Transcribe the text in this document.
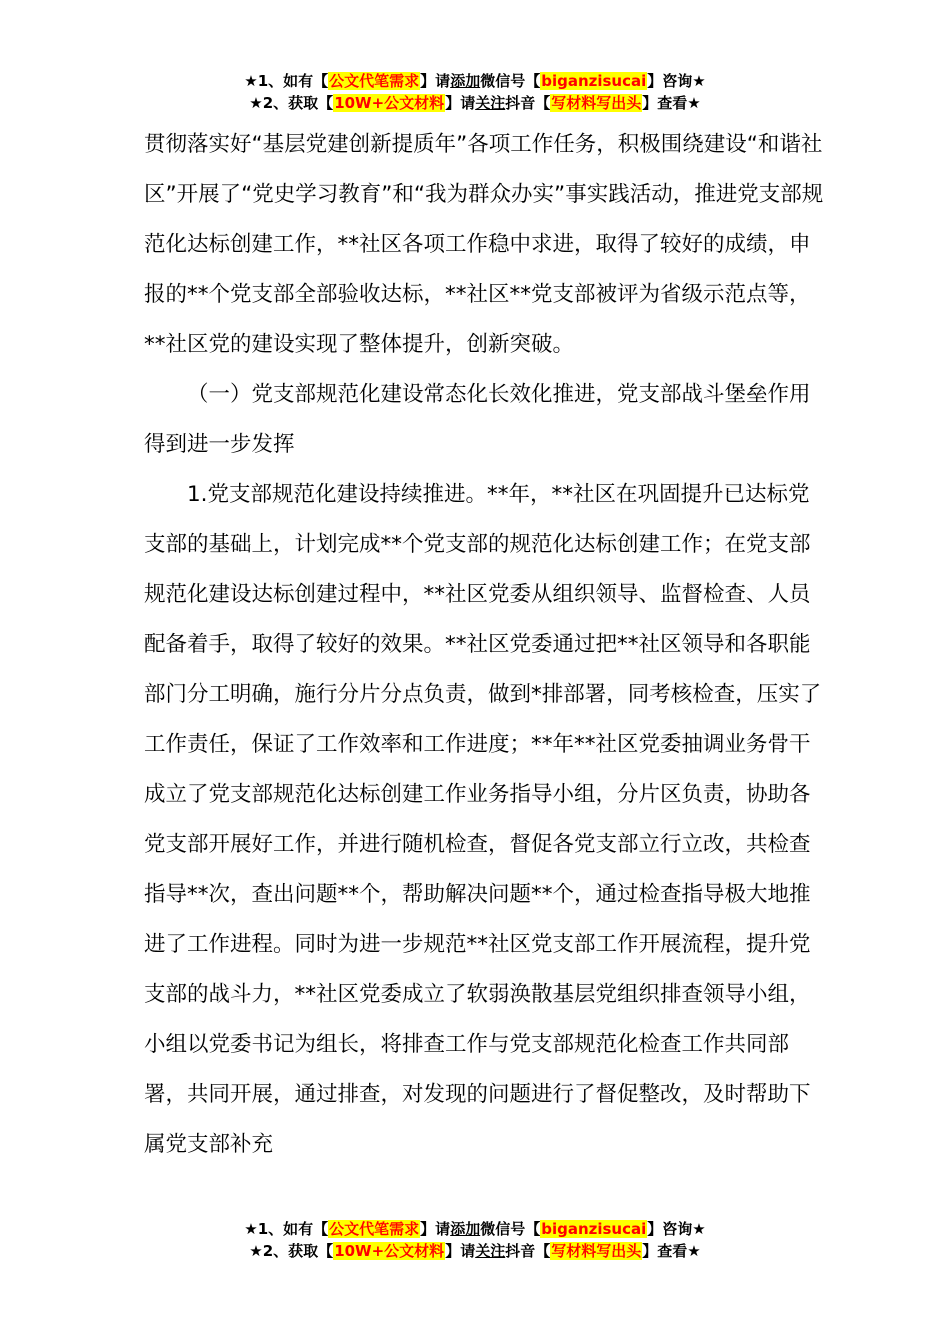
★1、如有【公文代笔需求】请添加微信号【biganzisucai】咨询★
★2、获取【10W+公文材料】请关注抖音【写材料写出头】查看★

贯彻落实好“基层党建创新提质年”各项工作任务，积极围绕建设“和谐社区”开展了“党史学习教育”和“我为群众办实”事实践活动，推进党支部规范化达标创建工作，**社区各项工作稳中求进，取得了较好的成绩，申报的**个党支部全部验收达标，**社区**党支部被评为省级示范点等，**社区党的建设实现了整体提升，创新突破。

（一）党支部规范化建设常态化长效化推进，党支部战斗堡垒作用得到进一步发挥

1.党支部规范化建设持续推进。**年，**社区在巩固提升已达标党支部的基础上，计划完成**个党支部的规范化达标创建工作；在党支部规范化建设达标创建过程中，**社区党委从组织领导、监督检查、人员配备着手，取得了较好的效果。**社区党委通过把**社区领导和各职能部门分工明确，施行分片分点负责，做到*排部署，同考核检查，压实了工作责任，保证了工作效率和工作进度；**年**社区党委抽调业务骨干成立了党支部规范化达标创建工作业务指导小组，分片区负责，协助各党支部开展好工作，并进行随机检查，督促各党支部立行立改，共检查指导**次，查出问题**个，帮助解决问题**个，通过检查指导极大地推进了工作进程。同时为进一步规范**社区党支部工作开展流程，提升党支部的战斗力，**社区党委成立了软弱涣散基层党组织排查领导小组，小组以党委书记为组长，将排查工作与党支部规范化检查工作共同部署，共同开展，通过排查，对发现的问题进行了督促整改，及时帮助下属党支部补充

★1、如有【公文代笔需求】请添加微信号【biganzisucai】咨询★
★2、获取【10W+公文材料】请关注抖音【写材料写出头】查看★
